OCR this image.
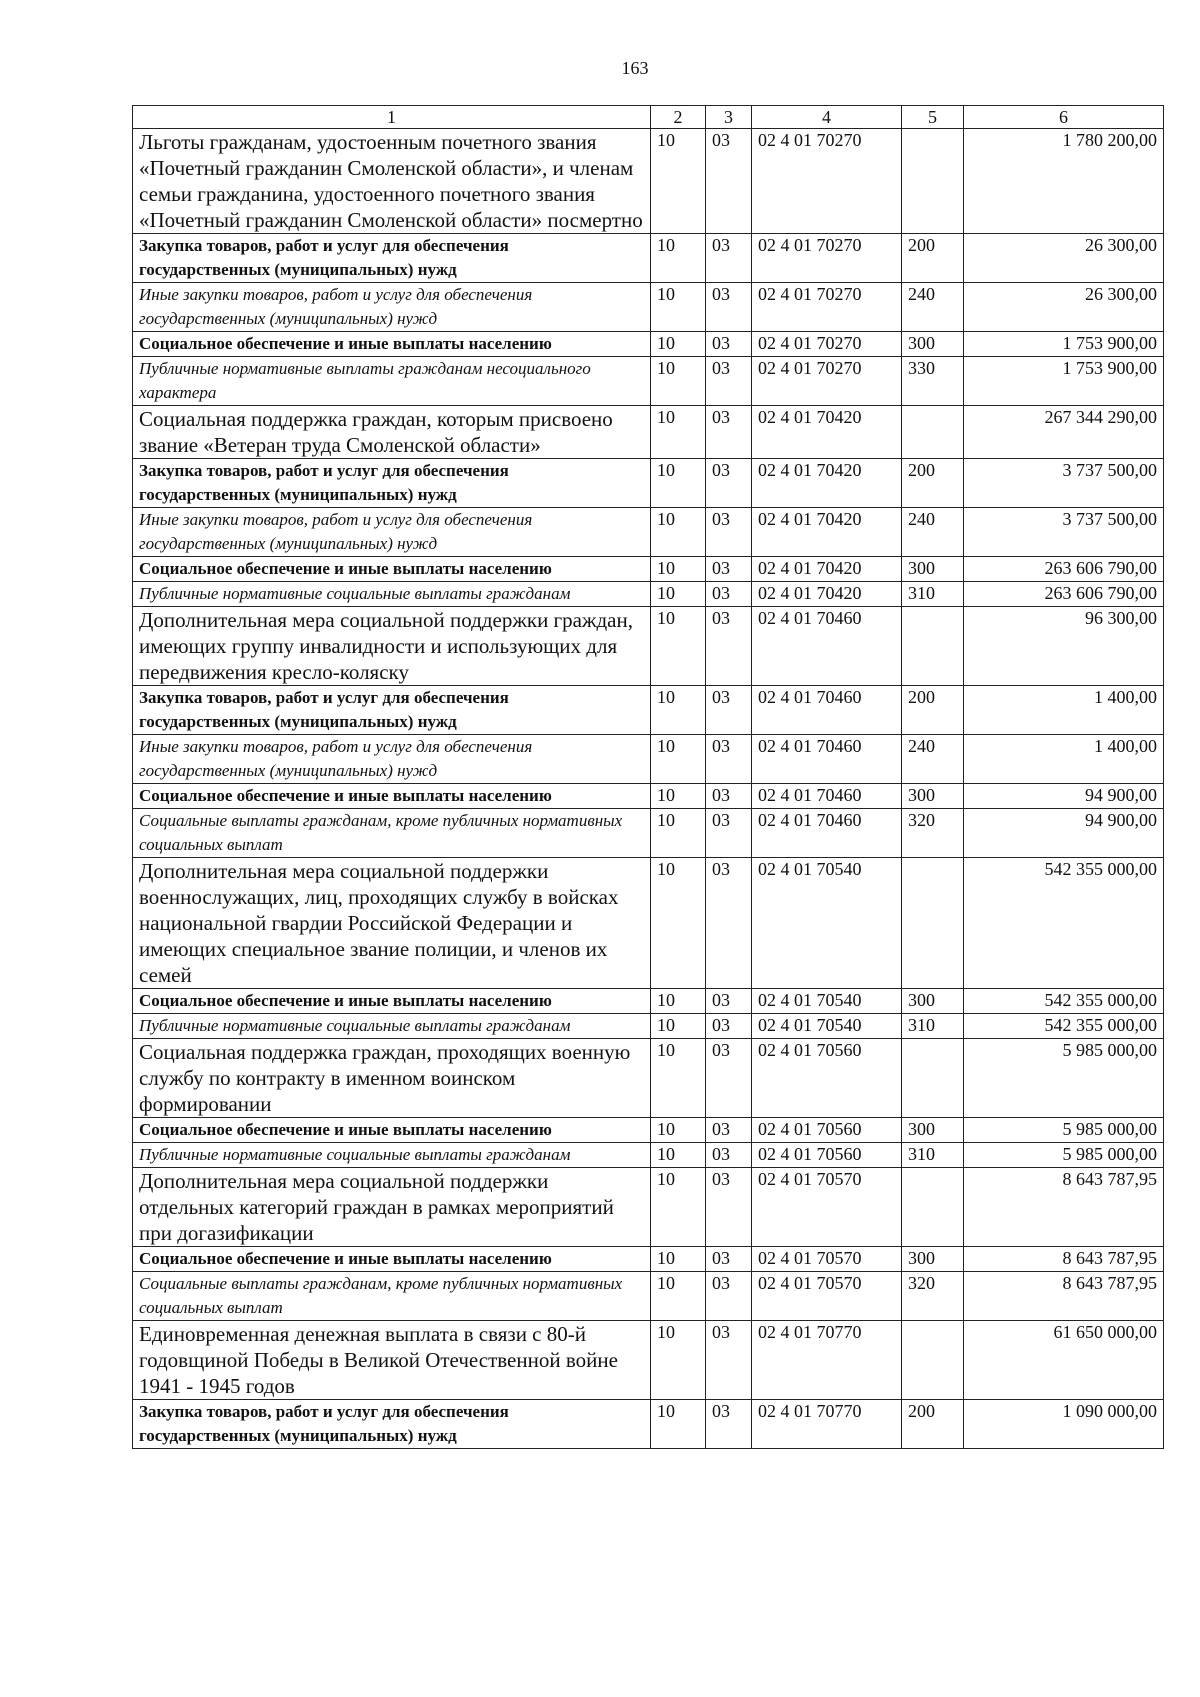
163
1	2	3	4	5	6
Льготы гражданам, удостоенным почетного звания «Почетный гражданин Смоленской области», и членам семьи гражданина, удостоенного почетного звания «Почетный гражданин Смоленской области» посмертно	10	03	02 4 01 70270		1 780 200,00
Закупка товаров, работ и услуг для обеспечения государственных (муниципальных) нужд	10	03	02 4 01 70270	200	26 300,00
Иные закупки товаров, работ и услуг для обеспечения государственных (муниципальных) нужд	10	03	02 4 01 70270	240	26 300,00
Социальное обеспечение и иные выплаты населению	10	03	02 4 01 70270	300	1 753 900,00
Публичные нормативные выплаты гражданам несоциального характера	10	03	02 4 01 70270	330	1 753 900,00
Социальная поддержка граждан, которым присвоено звание «Ветеран труда Смоленской области»	10	03	02 4 01 70420		267 344 290,00
Закупка товаров, работ и услуг для обеспечения государственных (муниципальных) нужд	10	03	02 4 01 70420	200	3 737 500,00
Иные закупки товаров, работ и услуг для обеспечения государственных (муниципальных) нужд	10	03	02 4 01 70420	240	3 737 500,00
Социальное обеспечение и иные выплаты населению	10	03	02 4 01 70420	300	263 606 790,00
Публичные нормативные социальные выплаты гражданам	10	03	02 4 01 70420	310	263 606 790,00
Дополнительная мера социальной поддержки граждан, имеющих группу инвалидности и использующих для передвижения кресло-коляску	10	03	02 4 01 70460		96 300,00
Закупка товаров, работ и услуг для обеспечения государственных (муниципальных) нужд	10	03	02 4 01 70460	200	1 400,00
Иные закупки товаров, работ и услуг для обеспечения государственных (муниципальных) нужд	10	03	02 4 01 70460	240	1 400,00
Социальное обеспечение и иные выплаты населению	10	03	02 4 01 70460	300	94 900,00
Социальные выплаты гражданам, кроме публичных нормативных социальных выплат	10	03	02 4 01 70460	320	94 900,00
Дополнительная мера социальной поддержки военнослужащих, лиц, проходящих службу в войсках национальной гвардии Российской Федерации и имеющих специальное звание полиции, и членов их семей	10	03	02 4 01 70540		542 355 000,00
Социальное обеспечение и иные выплаты населению	10	03	02 4 01 70540	300	542 355 000,00
Публичные нормативные социальные выплаты гражданам	10	03	02 4 01 70540	310	542 355 000,00
Социальная поддержка граждан, проходящих военную службу по контракту в именном воинском формировании	10	03	02 4 01 70560		5 985 000,00
Социальное обеспечение и иные выплаты населению	10	03	02 4 01 70560	300	5 985 000,00
Публичные нормативные социальные выплаты гражданам	10	03	02 4 01 70560	310	5 985 000,00
Дополнительная мера социальной поддержки отдельных категорий граждан в рамках мероприятий при догазификации	10	03	02 4 01 70570		8 643 787,95
Социальное обеспечение и иные выплаты населению	10	03	02 4 01 70570	300	8 643 787,95
Социальные выплаты гражданам, кроме публичных нормативных социальных выплат	10	03	02 4 01 70570	320	8 643 787,95
Единовременная денежная выплата в связи с 80-й годовщиной Победы в Великой Отечественной войне 1941 - 1945 годов	10	03	02 4 01 70770		61 650 000,00
Закупка товаров, работ и услуг для обеспечения государственных (муниципальных) нужд	10	03	02 4 01 70770	200	1 090 000,00
